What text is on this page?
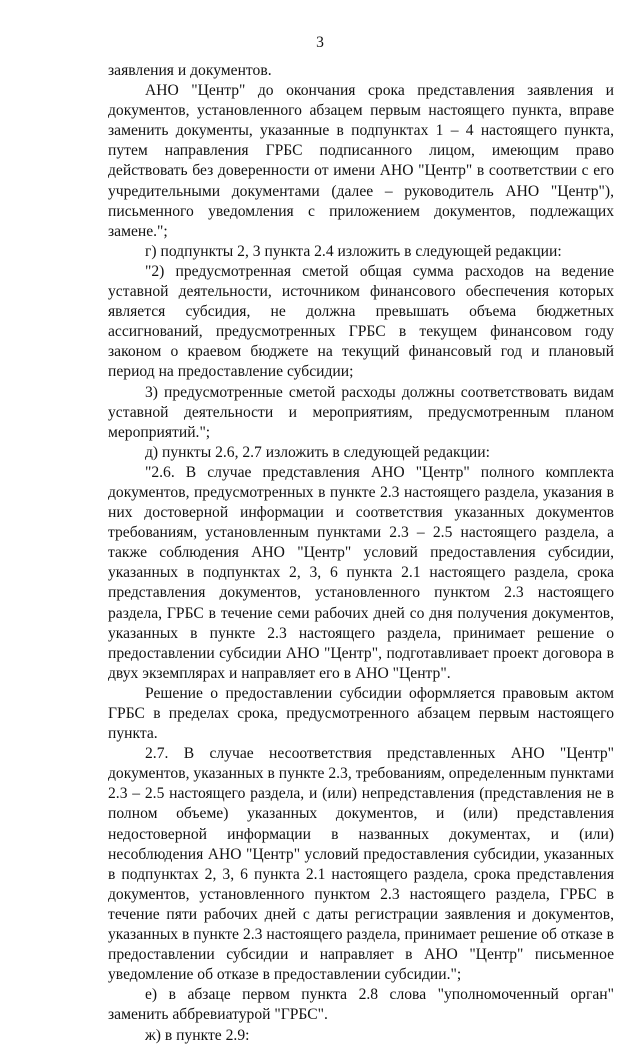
3

заявления и документов.

АНО "Центр" до окончания срока представления заявления и документов, установленного абзацем первым настоящего пункта, вправе заменить документы, указанные в подпунктах 1 – 4 настоящего пункта, путем направления ГРБС подписанного лицом, имеющим право действовать без доверенности от имени АНО "Центр" в соответствии с его учредительными документами (далее – руководитель АНО "Центр"), письменного уведомления с приложением документов, подлежащих замене.";

г) подпункты 2, 3 пункта 2.4 изложить в следующей редакции:

"2) предусмотренная сметой общая сумма расходов на ведение уставной деятельности, источником финансового обеспечения которых является субсидия, не должна превышать объема бюджетных ассигнований, предусмотренных ГРБС в текущем финансовом году законом о краевом бюджете на текущий финансовый год и плановый период на предоставление субсидии;

3) предусмотренные сметой расходы должны соответствовать видам уставной деятельности и мероприятиям, предусмотренным планом мероприятий.";

д) пункты 2.6, 2.7 изложить в следующей редакции:

"2.6. В случае представления АНО "Центр" полного комплекта документов, предусмотренных в пункте 2.3 настоящего раздела, указания в них достоверной информации и соответствия указанных документов требованиям, установленным пунктами 2.3 – 2.5 настоящего раздела, а также соблюдения АНО "Центр" условий предоставления субсидии, указанных в подпунктах 2, 3, 6 пункта 2.1 настоящего раздела, срока представления документов, установленного пунктом 2.3 настоящего раздела, ГРБС в течение семи рабочих дней со дня получения документов, указанных в пункте 2.3 настоящего раздела, принимает решение о предоставлении субсидии АНО "Центр", подготавливает проект договора в двух экземплярах и направляет его в АНО "Центр".

Решение о предоставлении субсидии оформляется правовым актом ГРБС в пределах срока, предусмотренного абзацем первым настоящего пункта.

2.7. В случае несоответствия представленных АНО "Центр" документов, указанных в пункте 2.3, требованиям, определенным пунктами 2.3 – 2.5 настоящего раздела, и (или) непредставления (представления не в полном объеме) указанных документов, и (или) представления недостоверной информации в названных документах, и (или) несоблюдения АНО "Центр" условий предоставления субсидии, указанных в подпунктах 2, 3, 6 пункта 2.1 настоящего раздела, срока представления документов, установленного пунктом 2.3 настоящего раздела, ГРБС в течение пяти рабочих дней с даты регистрации заявления и документов, указанных в пункте 2.3 настоящего раздела, принимает решение об отказе в предоставлении субсидии и направляет в АНО "Центр" письменное уведомление об отказе в предоставлении субсидии.";

е) в абзаце первом пункта 2.8 слова "уполномоченный орган" заменить аббревиатурой "ГРБС".

ж) в пункте 2.9:
